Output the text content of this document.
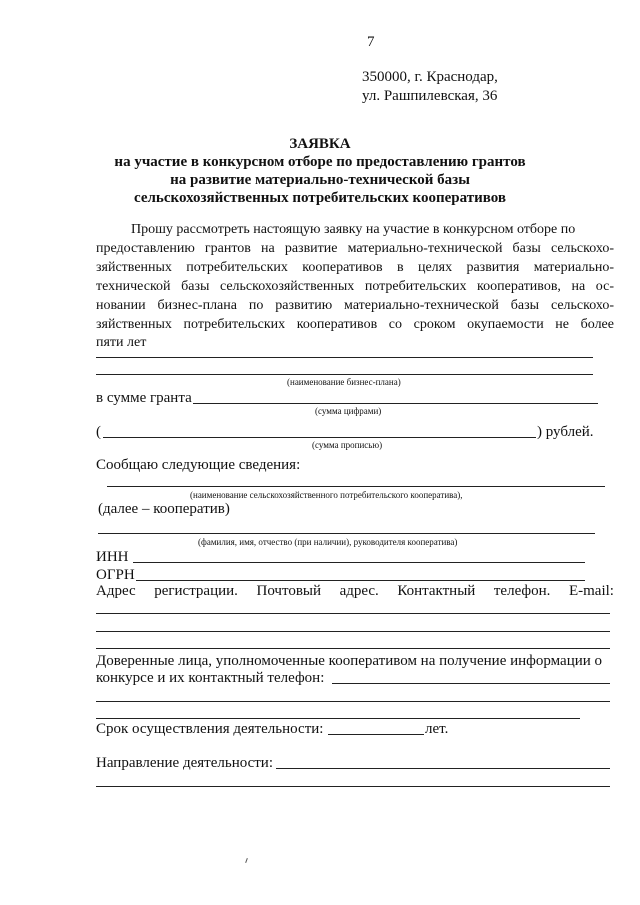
7
350000, г. Краснодар,
ул. Рашпилевская, 36
ЗАЯВКА
на участие в конкурсном отборе по предоставлению грантов
на развитие материально-технической базы
сельскохозяйственных потребительских кооперативов
Прошу рассмотреть настоящую заявку на участие в конкурсном отборе по
предоставлению грантов на развитие материально-технической базы сельскохо-
зяйственных потребительских кооперативов в целях развития материально-
технической базы сельскохозяйственных потребительских кооперативов, на ос-
новании бизнес-плана по развитию материально-технической базы сельскохо-
зяйственных потребительских кооперативов со сроком окупаемости не более
пяти лет
(наименование бизнес-плана)
в сумме гранта
(сумма цифрами)
(	) рублей.
(сумма прописью)
Сообщаю следующие сведения:
(наименование сельскохозяйственного потребительского кооператива),
(далее – кооператив)
(фамилия, имя, отчество (при наличии), руководителя кооператива)
ИНН
ОГРН
Адрес регистрации. Почтовый адрес. Контактный телефон. E-mail:
Доверенные лица, уполномоченные кооперативом на получение информации о
конкурсе и их контактный телефон:
Срок осуществления деятельности:	лет.
Направление деятельности:
